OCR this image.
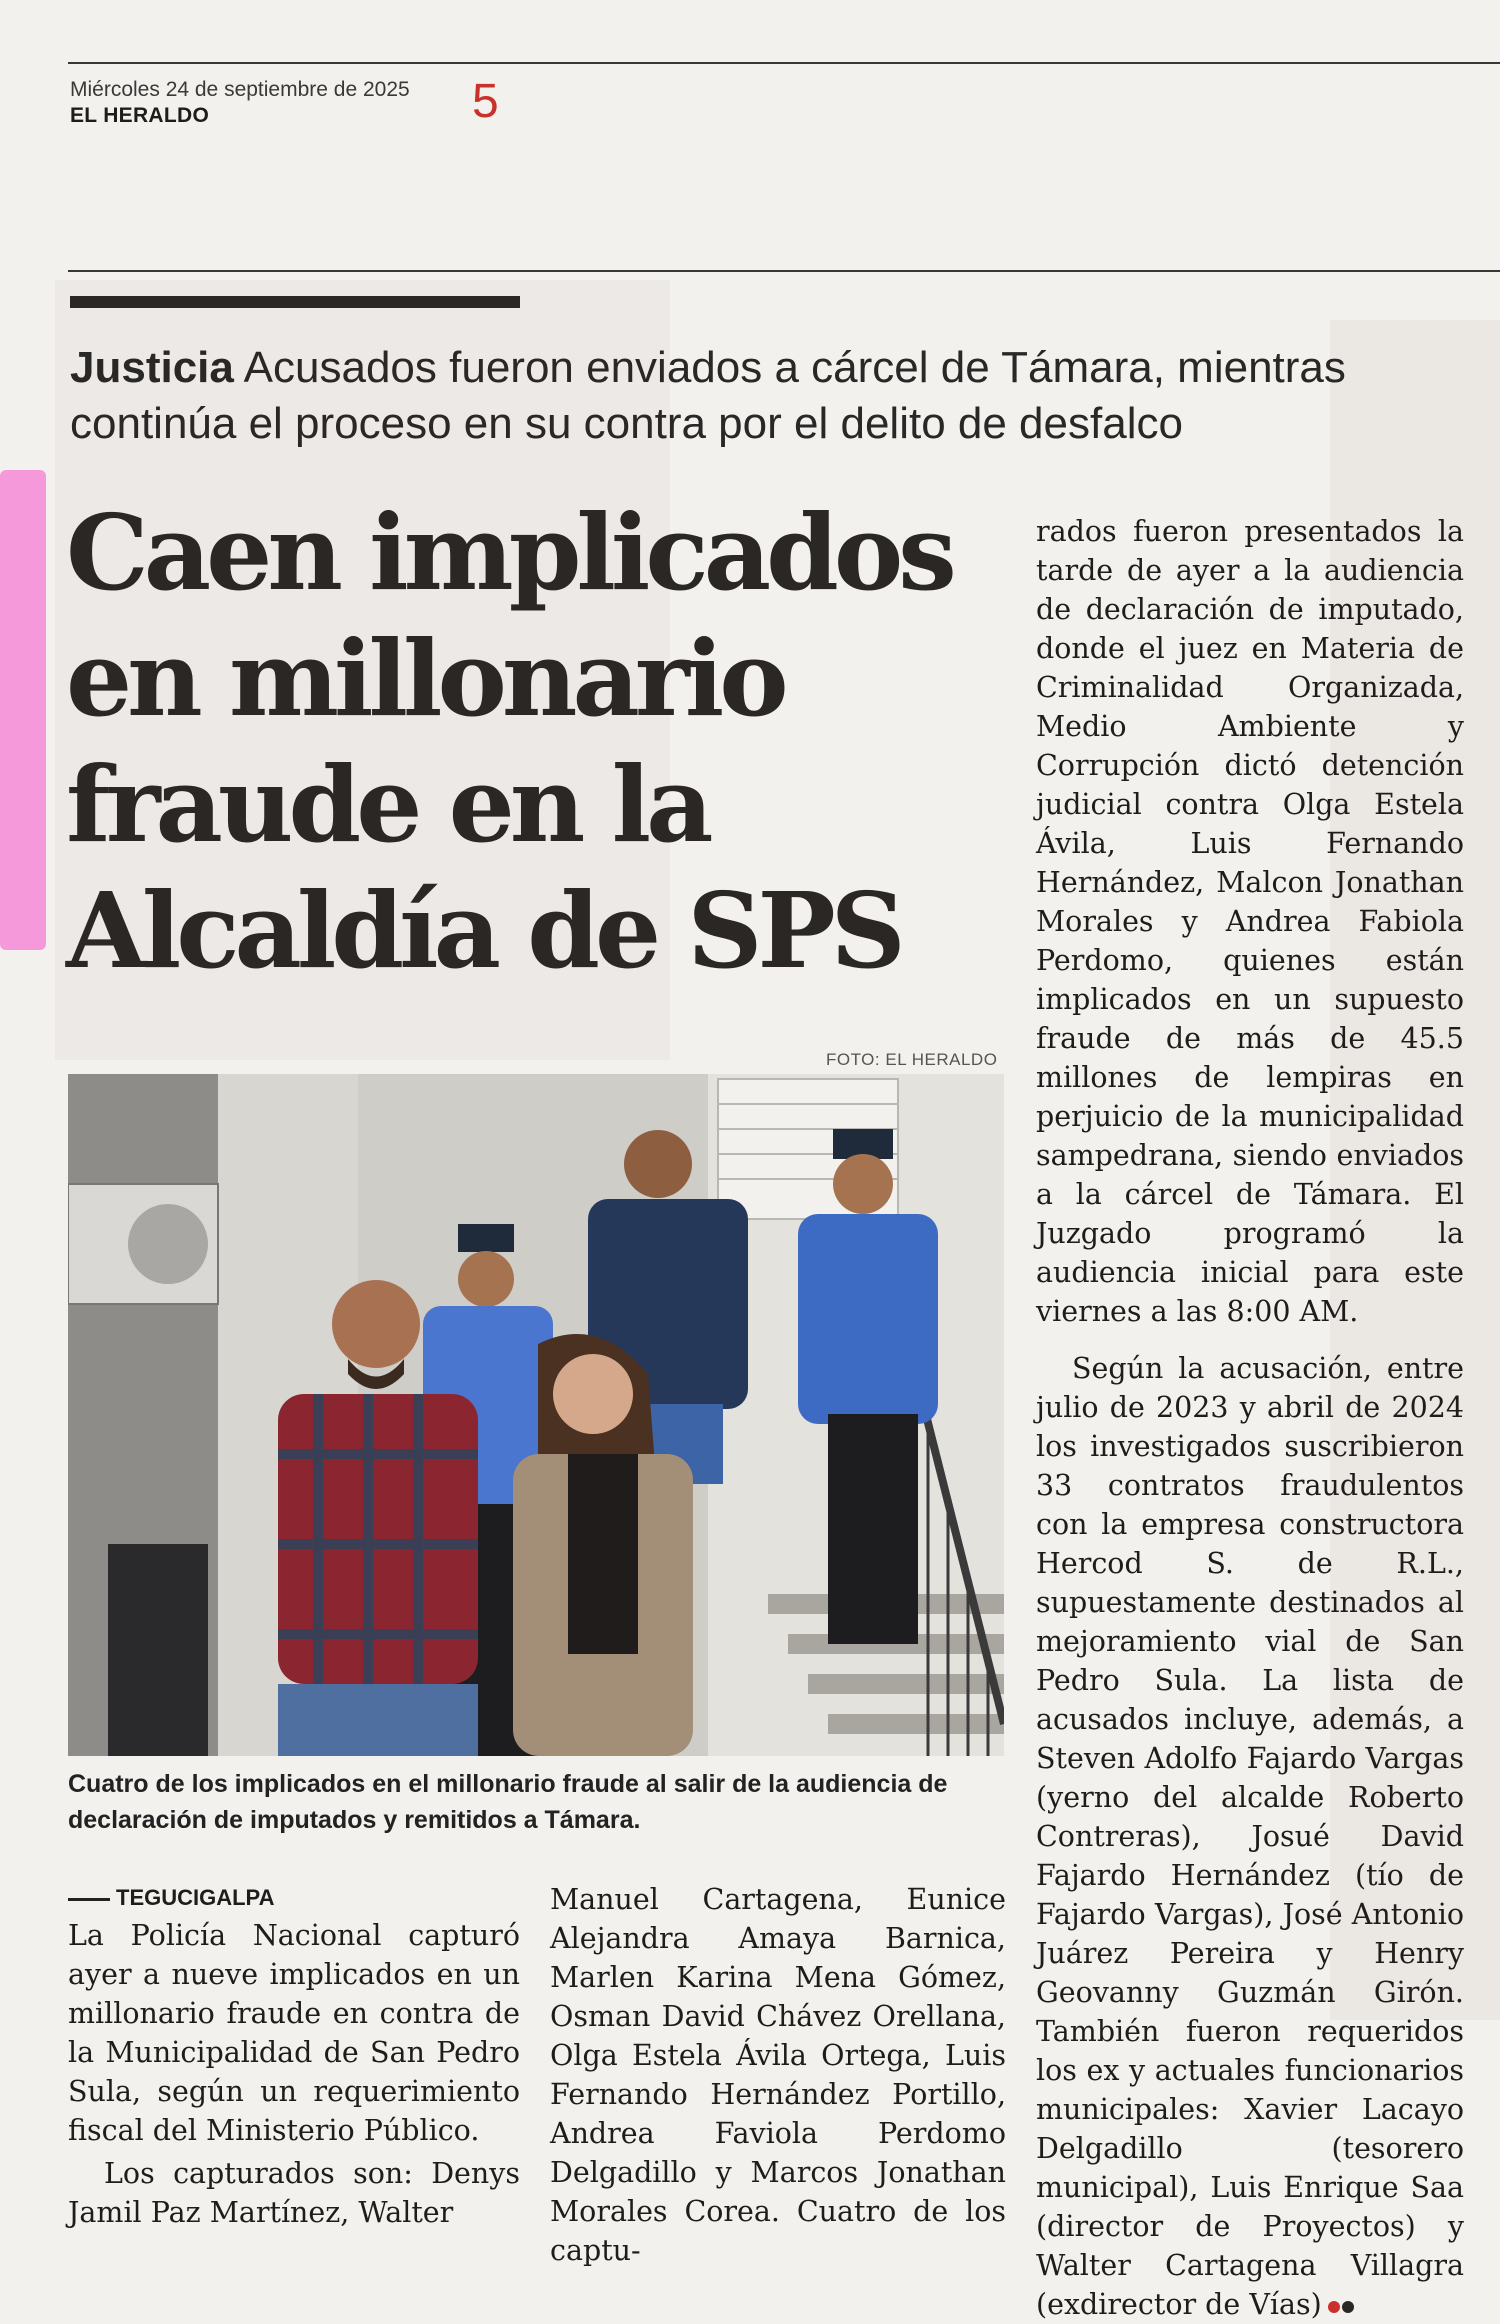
Miércoles 24 de septiembre de 2025
EL HERALDO	5
Justicia Acusados fueron enviados a cárcel de Támara, mientras continúa el proceso en su contra por el delito de desfalco
Caen implicados
en millonario
fraude en la
Alcaldía de SPS
FOTO: EL HERALDO
Cuatro de los implicados en el millonario fraude al salir de la audiencia de declaración de imputados y remitidos a Támara.
TEGUCIGALPA

La Policía Nacional capturó ayer a nueve implicados en un millonario fraude en contra de la Municipalidad de San Pedro Sula, según un requerimiento fiscal del Ministerio Público.

Los capturados son: Denys Jamil Paz Martínez, Walter

Manuel Cartagena, Eunice Alejandra Amaya Barnica, Marlen Karina Mena Gómez, Osman David Chávez Orellana, Olga Estela Ávila Ortega, Luis Fernando Hernández Portillo, Andrea Faviola Perdomo Delgadillo y Marcos Jonathan Morales Corea. Cuatro de los captu-

rados fueron presentados la tarde de ayer a la audiencia de declaración de imputado, donde el juez en Materia de Criminalidad Organizada, Medio Ambiente y Corrupción dictó detención judicial contra Olga Estela Ávila, Luis Fernando Hernández, Malcon Jonathan Morales y Andrea Fabiola Perdomo, quienes están implicados en un supuesto fraude de más de 45.5 millones de lempiras en perjuicio de la municipalidad sampedrana, siendo enviados a la cárcel de Támara. El Juzgado programó la audiencia inicial para este viernes a las 8:00 AM.

Según la acusación, entre julio de 2023 y abril de 2024 los investigados suscribieron 33 contratos fraudulentos con la empresa constructora Hercod S. de R.L., supuestamente destinados al mejoramiento vial de San Pedro Sula. La lista de acusados incluye, además, a Steven Adolfo Fajardo Vargas (yerno del alcalde Roberto Contreras), Josué David Fajardo Hernández (tío de Fajardo Vargas), José Antonio Juárez Pereira y Henry Geovanny Guzmán Girón. También fueron requeridos los ex y actuales funcionarios municipales: Xavier Lacayo Delgadillo (tesorero municipal), Luis Enrique Saa (director de Proyectos) y Walter Cartagena Villagra (exdirector de Vías)
